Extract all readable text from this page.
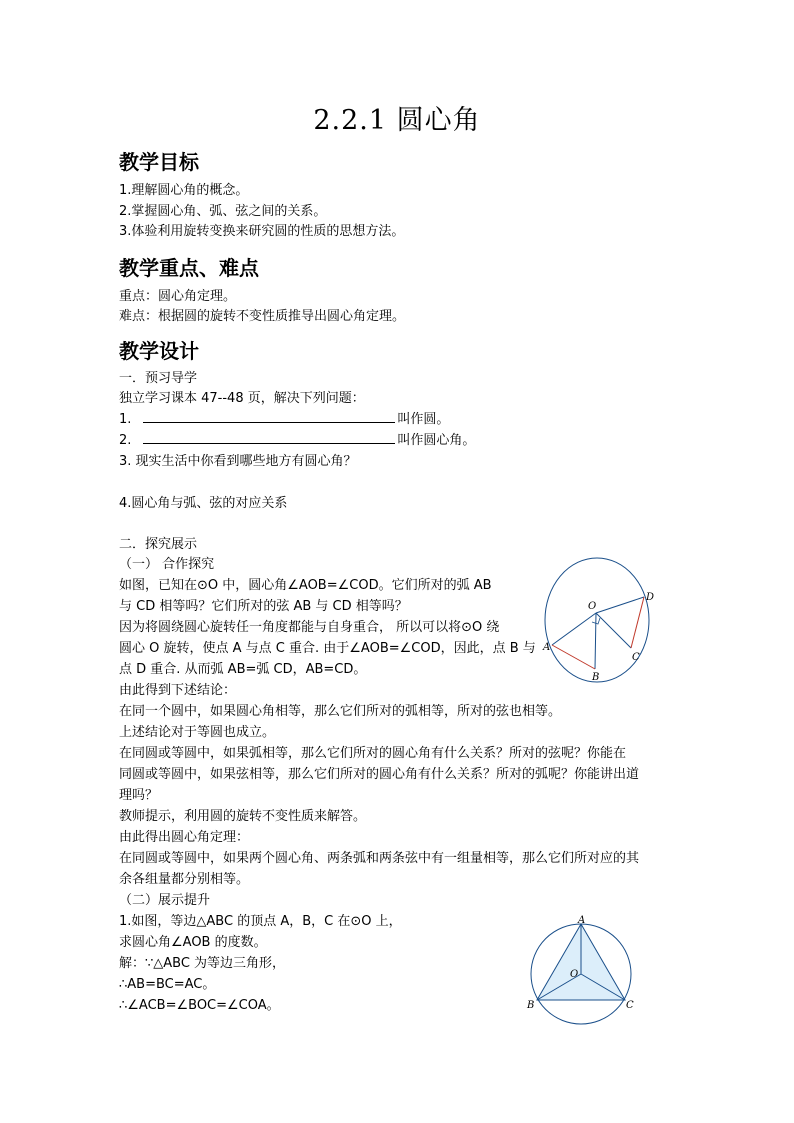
2.2.1 圆心角
教学目标
1.理解圆心角的概念。
2.掌握圆心角、弧、弦之间的关系。
3.体验利用旋转变换来研究圆的性质的思想方法。
教学重点、难点
重点：圆心角定理。
难点：根据圆的旋转不变性质推导出圆心角定理。
教学设计
一．预习导学
独立学习课本 47--48 页，解决下列问题：
1.	叫作圆。
2.	叫作圆心角。
3. 现实生活中你看到哪些地方有圆心角？
4.圆心角与弧、弦的对应关系
二．探究展示
（一） 合作探究
如图，已知在⊙O 中，圆心角∠AOB=∠COD。它们所对的弧 AB
与 CD 相等吗？它们所对的弦 AB 与 CD 相等吗？
因为将圆绕圆心旋转任一角度都能与自身重合， 所以可以将⊙O 绕
圆心 O 旋转，使点 A 与点 C 重合. 由于∠AOB=∠COD，因此，点 B 与
点 D 重合. 从而弧 AB=弧 CD，AB=CD。
由此得到下述结论：
在同一个圆中，如果圆心角相等，那么它们所对的弧相等，所对的弦也相等。
上述结论对于等圆也成立。
在同圆或等圆中，如果弧相等，那么它们所对的圆心角有什么关系？所对的弦呢？你能在
同圆或等圆中，如果弦相等，那么它们所对的圆心角有什么关系？所对的弧呢？你能讲出道
理吗？
教师提示，利用圆的旋转不变性质来解答。
由此得出圆心角定理：
在同圆或等圆中，如果两个圆心角、两条弧和两条弦中有一组量相等，那么它们所对应的其
余各组量都分别相等。
（二）展示提升
1.如图，等边△ABC 的顶点 A，B，C 在⊙O 上，
求圆心角∠AOB 的度数。
解：∵△ABC 为等边三角形，
∴AB=BC=AC。
∴∠ACB=∠BOC=∠COA。
O
A
B
C
D
A
O
B	C
